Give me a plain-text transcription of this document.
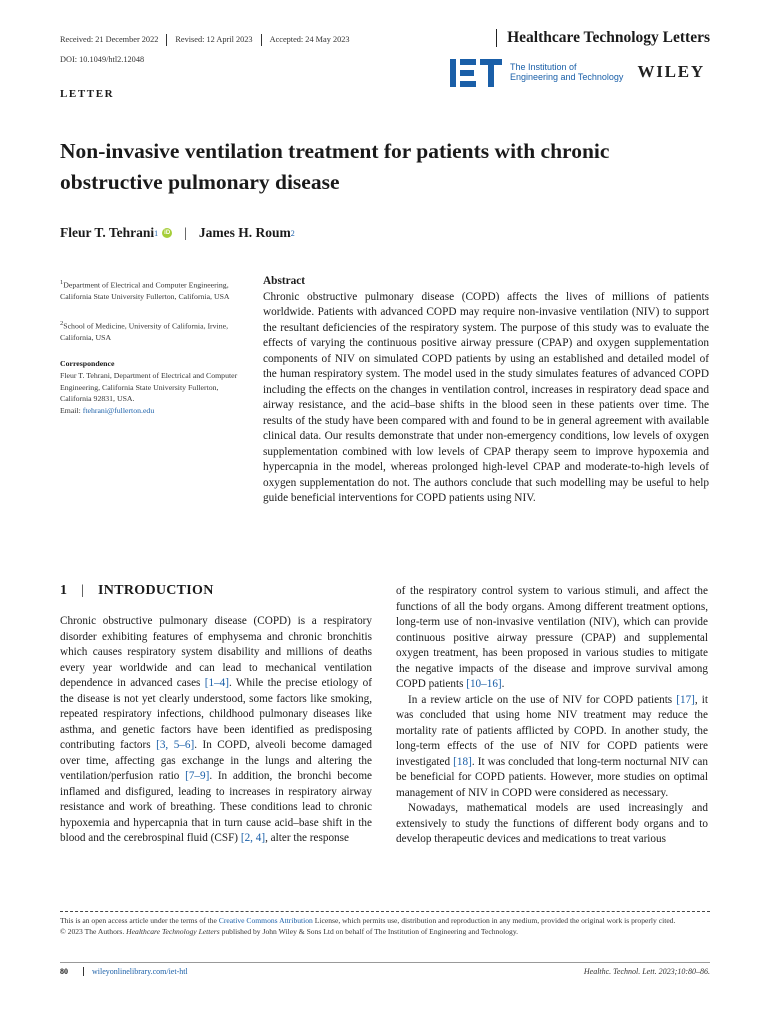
Received: 21 December 2022	Revised: 12 April 2023	Accepted: 24 May 2023	Healthcare Technology Letters
DOI: 10.1049/htl2.12048
The Institution of
Engineering and Technology WILEY
LETTER
Non-invasive ventilation treatment for patients with chronic obstructive pulmonary disease
Fleur T. Tehrani 1	iD | James H. Roum 2
$^1$Department of Electrical and Computer Engineering, California State University Fullerton, California, USA
$^2$School of Medicine, University of California, Irvine, California, USA
Correspondence
Fleur T. Tehrani, Department of Electrical and Computer Engineering, California State University Fullerton, California 92831, USA.
Email: ftehrani@fullerton.edu
Abstract

Chronic obstructive pulmonary disease (COPD) affects the lives of millions of patients worldwide. Patients with advanced COPD may require non-invasive ventilation (NIV) to support the resultant deficiencies of the respiratory system. The purpose of this study was to evaluate the effects of varying the continuous positive airway pressure (CPAP) and oxygen supplementation components of NIV on simulated COPD patients by using an established and detailed model of the human respiratory system. The model used in the study simulates features of advanced COPD including the effects on the changes in ventilation control, increases in respiratory dead space and airway resistance, and the acid–base shifts in the blood seen in these patients over time. The results of the study have been compared with and found to be in general agreement with available clinical data. Our results demonstrate that under non-emergency conditions, low levels of oxygen supplementation combined with low levels of CPAP therapy seem to improve hypoxemia and hypercapnia in the model, whereas prolonged high-level CPAP and moderate-to-high levels of oxygen supplementation do not. The authors conclude that such modelling may be useful to help guide beneficial interventions for COPD patients using NIV.

1 | INTRODUCTION

Chronic obstructive pulmonary disease (COPD) is a respiratory disorder exhibiting features of emphysema and chronic bronchitis which causes respiratory system disability and millions of deaths every year worldwide and can lead to mechanical ventilation dependence in advanced cases [1–4]. While the precise etiology of the disease is not yet clearly understood, some factors like smoking, repeated respiratory infections, childhood pulmonary diseases like asthma, and genetic factors have been identified as predisposing contributing factors [3, 5–6]. In COPD, alveoli become damaged over time, affecting gas exchange in the lungs and altering the ventilation/perfusion ratio [7–9]. In addition, the bronchi become inflamed and disfigured, leading to increases in respiratory airway resistance and work of breathing. These conditions lead to chronic hypoxemia and hypercapnia that in turn cause acid–base shift in the blood and the cerebrospinal fluid (CSF) [2, 4], alter the response

of the respiratory control system to various stimuli, and affect the functions of all the body organs. Among different treatment options, long-term use of non-invasive ventilation (NIV), which can provide continuous positive airway pressure (CPAP) and supplemental oxygen treatment, has been proposed in various studies to mitigate the negative impacts of the disease and improve survival among COPD patients [10–16].

In a review article on the use of NIV for COPD patients [17], it was concluded that using home NIV treatment may reduce the mortality rate of patients afflicted by COPD. In another study, the long-term effects of the use of NIV for COPD patients were investigated [18]. It was concluded that long-term nocturnal NIV can be beneficial for COPD patients. However, more studies on optimal management of NIV in COPD were considered as necessary.

Nowadays, mathematical models are used increasingly and extensively to study the functions of different body organs and to develop therapeutic devices and medications to treat various

This is an open access article under the terms of the Creative Commons Attribution License, which permits use, distribution and reproduction in any medium, provided the original work is properly cited.
© 2023 The Authors. Healthcare Technology Letters published by John Wiley & Sons Ltd on behalf of The Institution of Engineering and Technology.
80	wileyonlinelibrary.com/iet-htl	Healthc. Technol. Lett. 2023;10:80–86.
